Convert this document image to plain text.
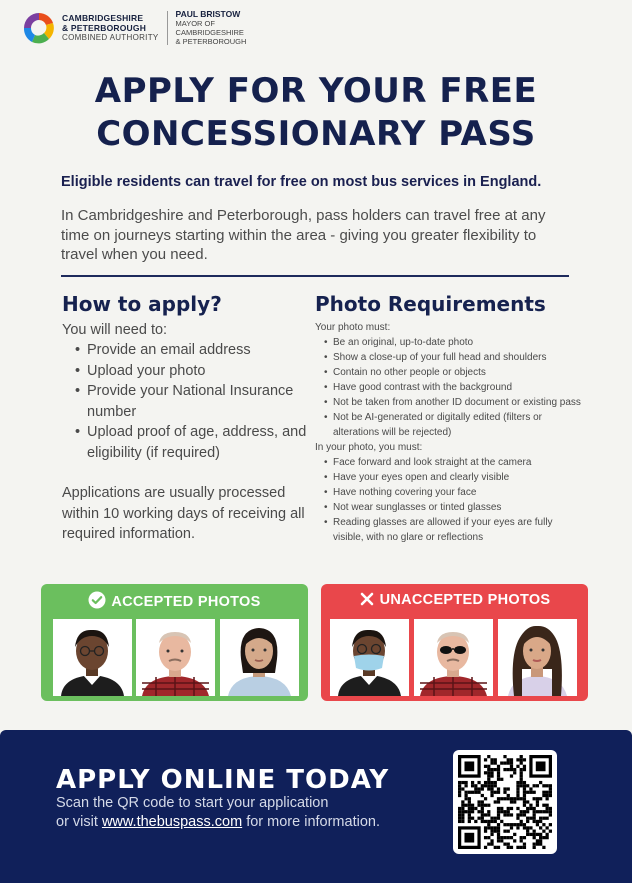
CAMBRIDGESHIRE
& PETERBOROUGH
COMBINED AUTHORITY
PAUL BRISTOW
MAYOR OF
CAMBRIDGESHIRE
& PETERBOROUGH
APPLY FOR YOUR FREE
CONCESSIONARY PASS
Eligible residents can travel for free on most bus services in England.
In Cambridgeshire and Peterborough, pass holders can travel free at any time on journeys starting within the area - giving you greater flexibility to travel when you need.
How to apply?
You will need to:
• Provide an email address
• Upload your photo
• Provide your National Insurance number
• Upload proof of age, address, and eligibility (if required)
Applications are usually processed within 10 working days of receiving all required information.
Photo Requirements
Your photo must:
• Be an original, up-to-date photo
• Show a close-up of your full head and shoulders
• Contain no other people or objects
• Have good contrast with the background
• Not be taken from another ID document or existing pass
• Not be AI-generated or digitally edited (filters or alterations will be rejected)
In your photo, you must:
• Face forward and look straight at the camera
• Have your eyes open and clearly visible
• Have nothing covering your face
• Not wear sunglasses or tinted glasses
• Reading glasses are allowed if your eyes are fully visible, with no glare or reflections
ACCEPTED PHOTOS	UNACCEPTED PHOTOS
APPLY ONLINE TODAY
Scan the QR code to start your application
or visit www.thebuspass.com for more information.
